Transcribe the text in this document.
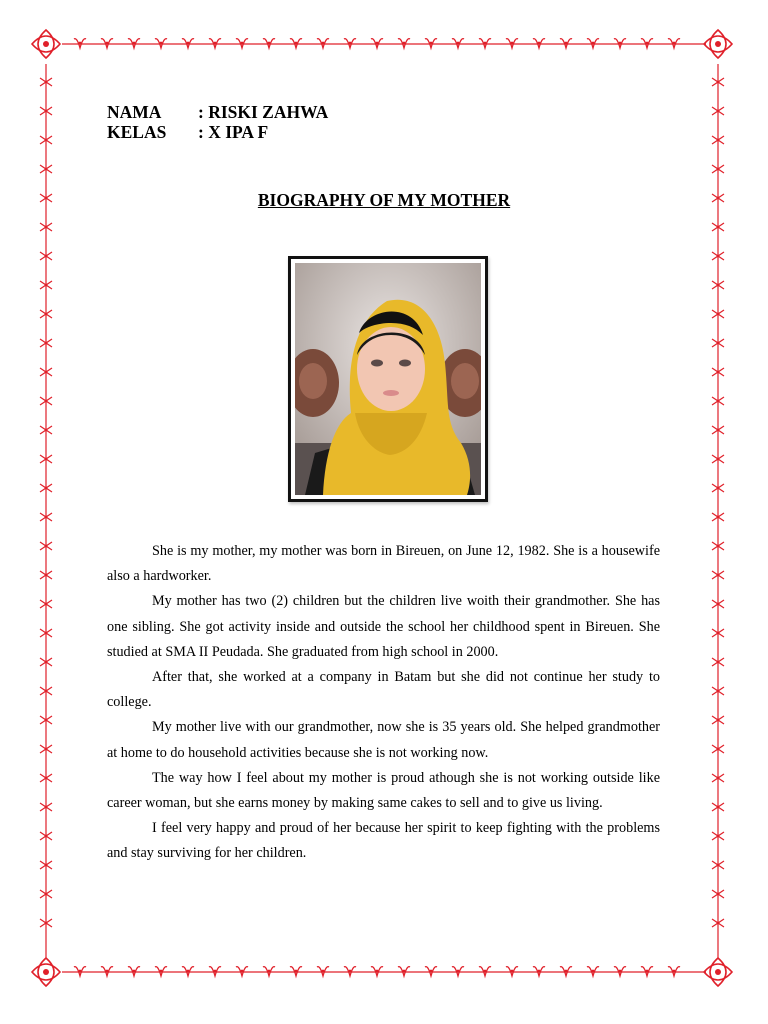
NAMA	: RISKI ZAHWA
KELAS	: X IPA F
BIOGRAPHY OF MY MOTHER

She is my mother, my mother was born in Bireuen, on June 12, 1982. She is a housewife also a hardworker.

My mother has two (2) children but the children live woith their grandmother. She has one sibling. She got activity inside and outside the school her childhood spent in Bireuen. She studied at SMA II Peudada. She graduated from high school in 2000.

After that, she worked at a company in Batam but she did not continue her study to college.

My mother live with our grandmother, now she is 35 years old. She helped grandmother at home to do household activities because she is not working now.

The way how I feel about my mother is proud athough she is not working outside like career woman, but she earns money by making same cakes to sell and to give us living.

I feel very happy and proud of her because her spirit to keep fighting with the problems and stay surviving for her children.
